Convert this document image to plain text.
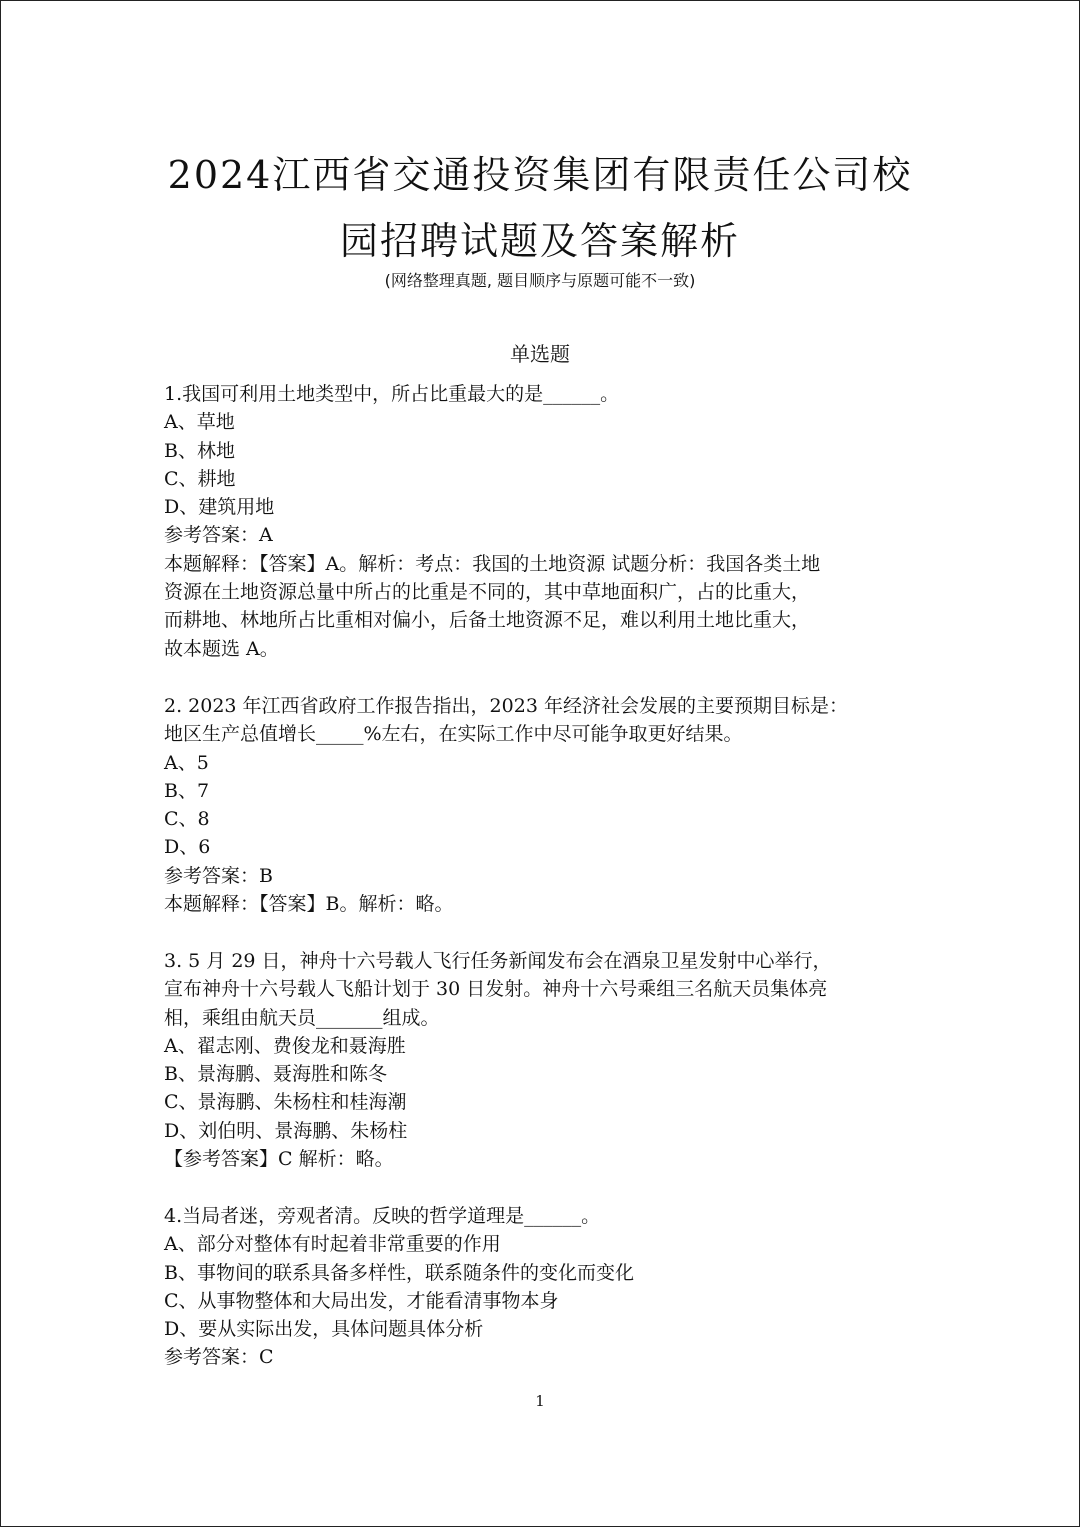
2024江西省交通投资集团有限责任公司校
园招聘试题及答案解析
(网络整理真题, 题目顺序与原题可能不一致)
单选题
1.我国可利用土地类型中，所占比重最大的是______。
A、草地
B、林地
C、耕地
D、建筑用地
参考答案：A
本题解释：【答案】A。解析：考点：我国的土地资源 试题分析：我国各类土地
资源在土地资源总量中所占的比重是不同的，其中草地面积广，占的比重大，
而耕地、林地所占比重相对偏小，后备土地资源不足，难以利用土地比重大，
故本题选 A。
2. 2023 年江西省政府工作报告指出，2023 年经济社会发展的主要预期目标是：
地区生产总值增长_____%左右，在实际工作中尽可能争取更好结果。
A、5
B、7
C、8
D、6
参考答案：B
本题解释：【答案】B。解析：略。
3. 5 月 29 日，神舟十六号载人飞行任务新闻发布会在酒泉卫星发射中心举行，
宣布神舟十六号载人飞船计划于 30 日发射。神舟十六号乘组三名航天员集体亮
相，乘组由航天员_______组成。
A、翟志刚、费俊龙和聂海胜
B、景海鹏、聂海胜和陈冬
C、景海鹏、朱杨柱和桂海潮
D、刘伯明、景海鹏、朱杨柱
【参考答案】C 解析：略。
4.当局者迷，旁观者清。反映的哲学道理是______。
A、部分对整体有时起着非常重要的作用
B、事物间的联系具备多样性，联系随条件的变化而变化
C、从事物整体和大局出发，才能看清事物本身
D、要从实际出发，具体问题具体分析
参考答案：C
1
